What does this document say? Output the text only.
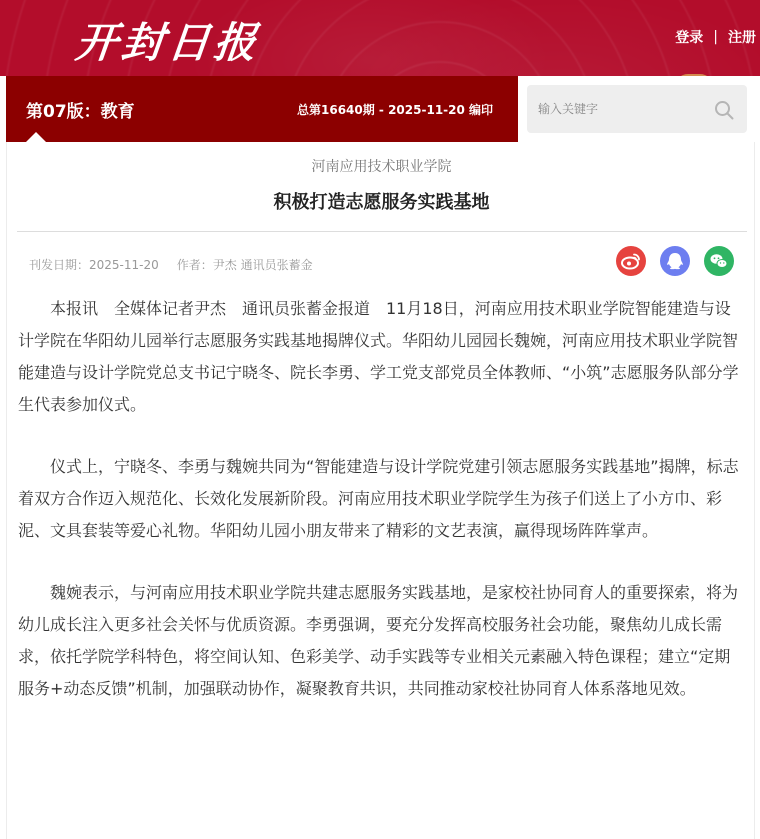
开封日报	登录 | 注册
第07版：教育	总第16640期 - 2025-11-20 编印
输入关键字
河南应用技术职业学院
积极打造志愿服务实践基地
刊发日期：2025-11-20 作者：尹杰 通讯员张蓄金

本报讯　全媒体记者尹杰　通讯员张蓄金报道　11月18日，河南应用技术职业学院智能建造与设计学院在华阳幼儿园举行志愿服务实践基地揭牌仪式。华阳幼儿园园长魏婉，河南应用技术职业学院智能建造与设计学院党总支书记宁晓冬、院长李勇、学工党支部党员全体教师、“小筑”志愿服务队部分学生代表参加仪式。

仪式上，宁晓冬、李勇与魏婉共同为“智能建造与设计学院党建引领志愿服务实践基地”揭牌，标志着双方合作迈入规范化、长效化发展新阶段。河南应用技术职业学院学生为孩子们送上了小方巾、彩泥、文具套装等爱心礼物。华阳幼儿园小朋友带来了精彩的文艺表演，赢得现场阵阵掌声。

魏婉表示，与河南应用技术职业学院共建志愿服务实践基地，是家校社协同育人的重要探索，将为幼儿成长注入更多社会关怀与优质资源。李勇强调，要充分发挥高校服务社会功能，聚焦幼儿成长需求，依托学院学科特色，将空间认知、色彩美学、动手实践等专业相关元素融入特色课程；建立“定期服务+动态反馈”机制，加强联动协作，凝聚教育共识，共同推动家校社协同育人体系落地见效。
